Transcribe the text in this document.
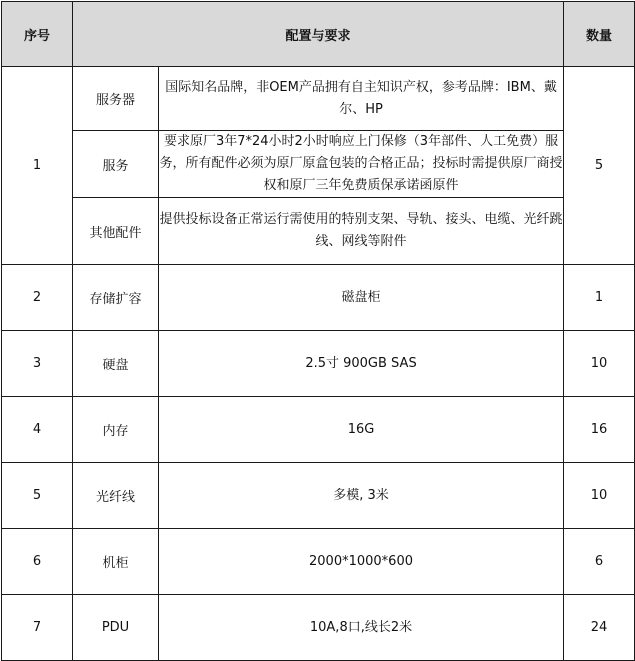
序号	配置与要求		数量
1	服务器	国际知名品牌，非OEM产品拥有自主知识产权，参考品牌：IBM、戴尔、HP	5
	服务	要求原厂3年7*24小时2小时响应上门保修（3年部件、人工免费）服务，所有配件必须为原厂原盒包装的合格正品；投标时需提供原厂商授权和原厂三年免费质保承诺函原件	
	其他配件	提供投标设备正常运行需使用的特别支架、导轨、接头、电缆、光纤跳线、网线等附件	
2	存储扩容	磁盘柜	1
3	硬盘	2.5寸 900GB SAS	10
4	内存	16G	16
5	光纤线	多模, 3米	10
6	机柜	2000*1000*600	6
7	PDU	10A,8口,线长2米	24
